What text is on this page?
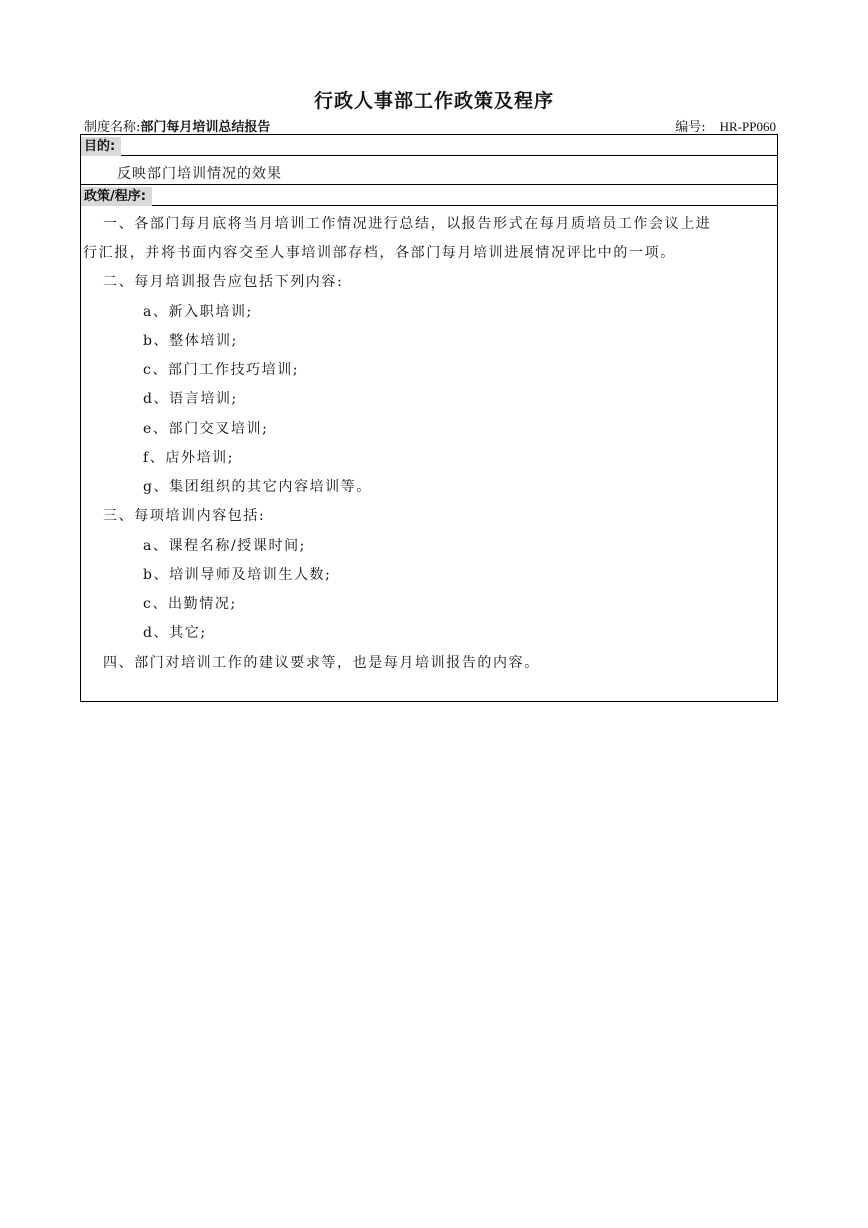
行政人事部工作政策及程序
制度名称:部门每月培训总结报告	编号: HR-PP060
目的:
反映部门培训情况的效果
政策/程序:
一、各部门每月底将当月培训工作情况进行总结，以报告形式在每月质培员工作会议上进
行汇报，并将书面内容交至人事培训部存档，各部门每月培训进展情况评比中的一项。
二、每月培训报告应包括下列内容:
a、新入职培训;
b、整体培训;
c、部门工作技巧培训;
d、语言培训;
e、部门交叉培训;
f、店外培训;
g、集团组织的其它内容培训等。
三、每项培训内容包括:
a、课程名称/授课时间;
b、培训导师及培训生人数;
c、出勤情况;
d、其它;
四、部门对培训工作的建议要求等，也是每月培训报告的内容。
